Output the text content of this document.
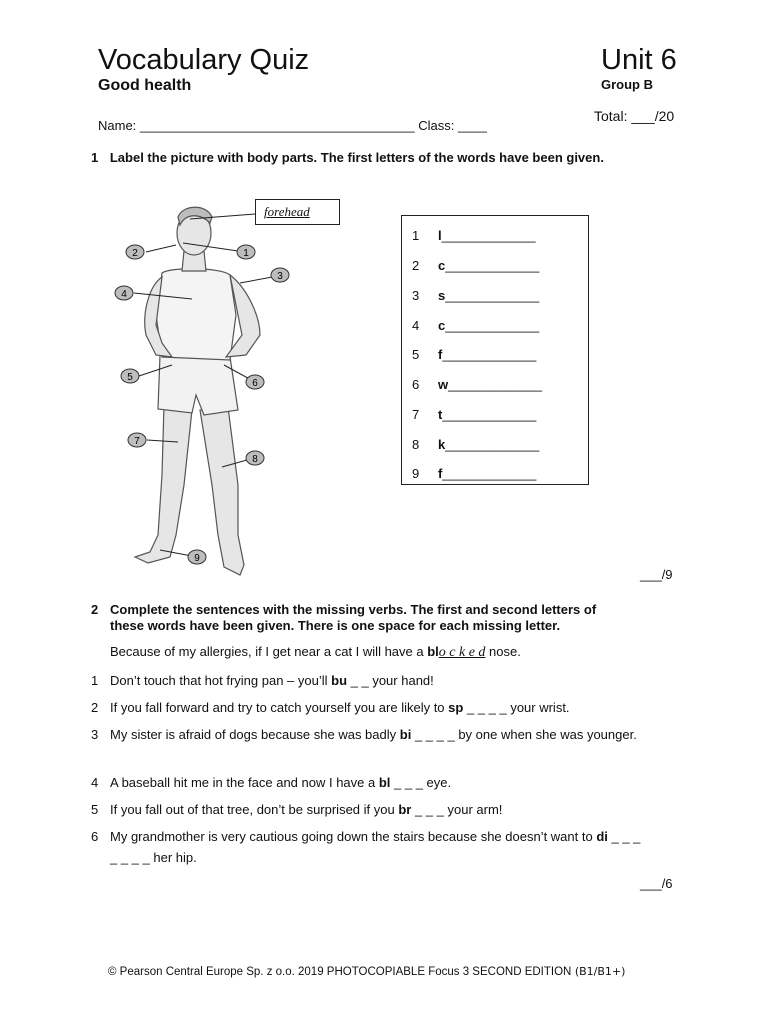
Vocabulary Quiz
Good health
Unit 6
Group B
Total: ___/20
Name: ______________________________________ Class: ____
1 Label the picture with body parts. The first letters of the words have been given.
forehead
1
2
3
4
5
6
7
8
9
1 l_____________
2 c_____________
3 s_____________
4 c_____________
5 f_____________
6 w_____________
7 t_____________
8 k_____________
9 f_____________
___/9
2 Complete the sentences with the missing verbs. The first and second letters of
these words have been given. There is one space for each missing letter.
Because of my allergies, if I get near a cat I will have a blo c k e d nose.
1 Don’t touch that hot frying pan – you’ll bu _ _ your hand!
2 If you fall forward and try to catch yourself you are likely to sp _ _ _ _ your wrist.
3 My sister is afraid of dogs because she was badly bi _ _ _ _ by one when she was younger.
4 A baseball hit me in the face and now I have a bl _ _ _ eye.
5 If you fall out of that tree, don’t be surprised if you br _ _ _ your arm!
6 My grandmother is very cautious going down the stairs because she doesn’t want to di _ _ _ _ _ _ _ her hip.
___/6
© Pearson Central Europe Sp. z o.o. 2019 PHOTOCOPIABLE Focus 3 SECOND EDITION (B1/B1+)
